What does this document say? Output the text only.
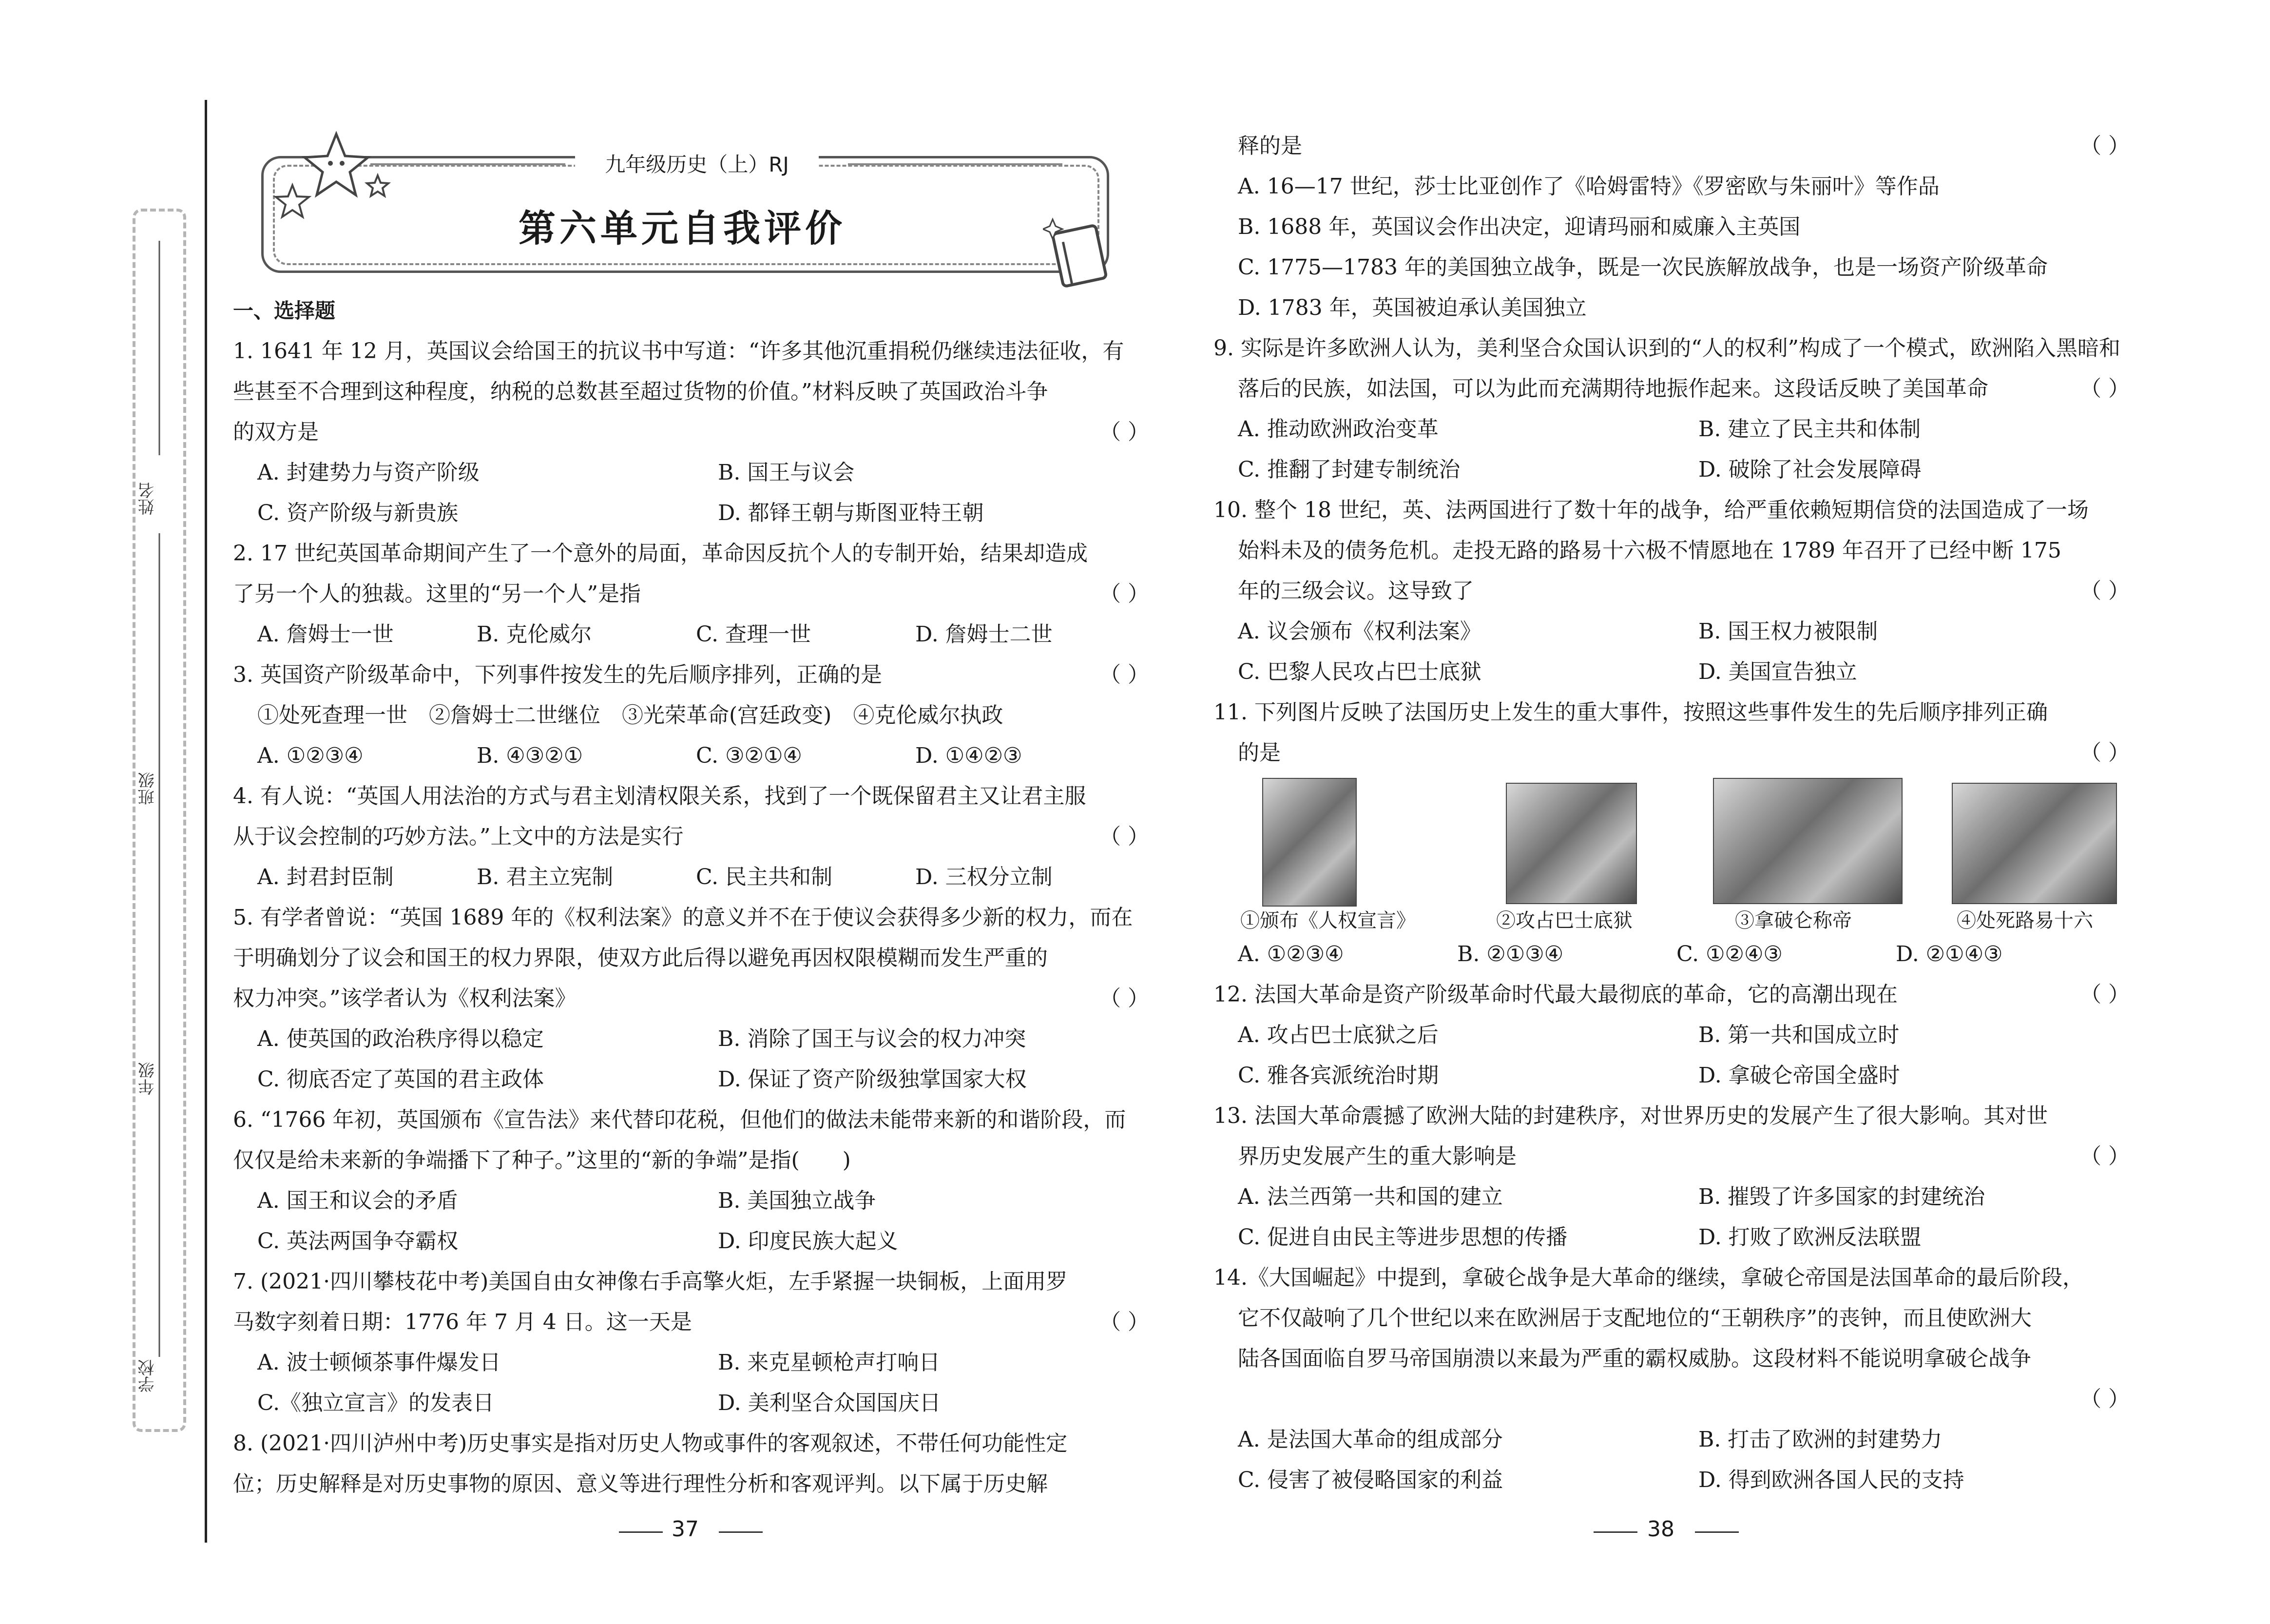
姓名
班级
年级
学校
九年级历史（上）RJ
第六单元自我评价
一、选择题
1. 1641 年 12 月，英国议会给国王的抗议书中写道：“许多其他沉重捐税仍继续违法征收，有
些甚至不合理到这种程度，纳税的总数甚至超过货物的价值。”材料反映了英国政治斗争
的双方是	（ ）
A. 封建势力与资产阶级	B. 国王与议会
C. 资产阶级与新贵族	D. 都铎王朝与斯图亚特王朝
2. 17 世纪英国革命期间产生了一个意外的局面，革命因反抗个人的专制开始，结果却造成
了另一个人的独裁。这里的“另一个人”是指	（ ）
A. 詹姆士一世	B. 克伦威尔	C. 查理一世	D. 詹姆士二世
3. 英国资产阶级革命中，下列事件按发生的先后顺序排列，正确的是	（ ）
①处死查理一世　②詹姆士二世继位　③光荣革命(宫廷政变)　④克伦威尔执政
A. ①②③④	B. ④③②①	C. ③②①④	D. ①④②③
4. 有人说：“英国人用法治的方式与君主划清权限关系，找到了一个既保留君主又让君主服
从于议会控制的巧妙方法。”上文中的方法是实行	（ ）
A. 封君封臣制	B. 君主立宪制	C. 民主共和制	D. 三权分立制
5. 有学者曾说：“英国 1689 年的《权利法案》的意义并不在于使议会获得多少新的权力，而在
于明确划分了议会和国王的权力界限，使双方此后得以避免再因权限模糊而发生严重的
权力冲突。”该学者认为《权利法案》	（ ）
A. 使英国的政治秩序得以稳定	B. 消除了国王与议会的权力冲突
C. 彻底否定了英国的君主政体	D. 保证了资产阶级独掌国家大权
6. “1766 年初，英国颁布《宣告法》来代替印花税，但他们的做法未能带来新的和谐阶段，而
仅仅是给未来新的争端播下了种子。”这里的“新的争端”是指(　　)
A. 国王和议会的矛盾	B. 美国独立战争
C. 英法两国争夺霸权	D. 印度民族大起义
7. (2021·四川攀枝花中考)美国自由女神像右手高擎火炬，左手紧握一块铜板，上面用罗
马数字刻着日期：1776 年 7 月 4 日。这一天是	（ ）
A. 波士顿倾茶事件爆发日	B. 来克星顿枪声打响日
C.《独立宣言》的发表日	D. 美利坚合众国国庆日
8. (2021·四川泸州中考)历史事实是指对历史人物或事件的客观叙述，不带任何功能性定
位；历史解释是对历史事物的原因、意义等进行理性分析和客观评判。以下属于历史解
37
释的是	（ ）
A. 16—17 世纪，莎士比亚创作了《哈姆雷特》《罗密欧与朱丽叶》等作品
B. 1688 年，英国议会作出决定，迎请玛丽和威廉入主英国
C. 1775—1783 年的美国独立战争，既是一次民族解放战争，也是一场资产阶级革命
D. 1783 年，英国被迫承认美国独立
9. 实际是许多欧洲人认为，美利坚合众国认识到的“人的权利”构成了一个模式，欧洲陷入黑暗和
落后的民族，如法国，可以为此而充满期待地振作起来。这段话反映了美国革命	（ ）
A. 推动欧洲政治变革	B. 建立了民主共和体制
C. 推翻了封建专制统治	D. 破除了社会发展障碍
10. 整个 18 世纪，英、法两国进行了数十年的战争，给严重依赖短期信贷的法国造成了一场
始料未及的债务危机。走投无路的路易十六极不情愿地在 1789 年召开了已经中断 175
年的三级会议。这导致了	（ ）
A. 议会颁布《权利法案》	B. 国王权力被限制
C. 巴黎人民攻占巴士底狱	D. 美国宣告独立
11. 下列图片反映了法国历史上发生的重大事件，按照这些事件发生的先后顺序排列正确
的是	（ ）
①颁布《人权宣言》	②攻占巴士底狱	③拿破仑称帝	④处死路易十六
A. ①②③④	B. ②①③④	C. ①②④③	D. ②①④③
12. 法国大革命是资产阶级革命时代最大最彻底的革命，它的高潮出现在	（ ）
A. 攻占巴士底狱之后	B. 第一共和国成立时
C. 雅各宾派统治时期	D. 拿破仑帝国全盛时
13. 法国大革命震撼了欧洲大陆的封建秩序，对世界历史的发展产生了很大影响。其对世
界历史发展产生的重大影响是	（ ）
A. 法兰西第一共和国的建立	B. 摧毁了许多国家的封建统治
C. 促进自由民主等进步思想的传播	D. 打败了欧洲反法联盟
14.《大国崛起》中提到，拿破仑战争是大革命的继续，拿破仑帝国是法国革命的最后阶段，
它不仅敲响了几个世纪以来在欧洲居于支配地位的“王朝秩序”的丧钟，而且使欧洲大
陆各国面临自罗马帝国崩溃以来最为严重的霸权威胁。这段材料不能说明拿破仑战争
（ ）
A. 是法国大革命的组成部分	B. 打击了欧洲的封建势力
C. 侵害了被侵略国家的利益	D. 得到欧洲各国人民的支持
38
